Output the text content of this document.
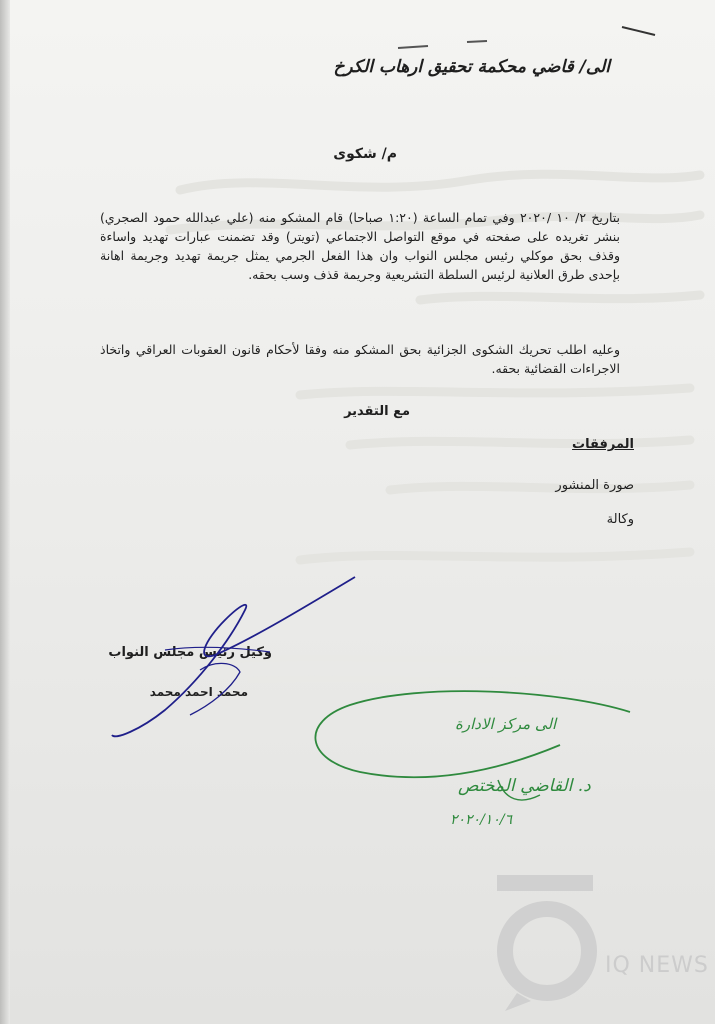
الى/ قاضي محكمة تحقيق ارهاب الكرخ
م/ شكوى
بتاريخ ٢/ ١٠ /٢٠٢٠ وفي تمام الساعة (١:٢٠ صباحا) قام المشكو منه (علي عبدالله حمود الصجري) بنشر تغريده على صفحته في موقع التواصل الاجتماعي (تويتر) وقد تضمنت عبارات تهديد واساءة وقذف بحق موكلي رئيس مجلس النواب وان هذا الفعل الجرمي يمثل جريمة تهديد وجريمة اهانة بإحدى طرق العلانية لرئيس السلطة التشريعية وجريمة قذف وسب بحقه.
وعليه اطلب تحريك الشكوى الجزائية بحق المشكو منه وفقا لأحكام قانون العقوبات العراقي واتخاذ الاجراءات القضائية بحقه.
مع التقدير
المرفقات
صورة المنشور
وكالة
وكيل رئيس مجلس النواب
محمد احمد محمد
الى مركز الادارة
د. القاضي المختص
٢٠٢٠/١٠/٦
IQ NEWS
